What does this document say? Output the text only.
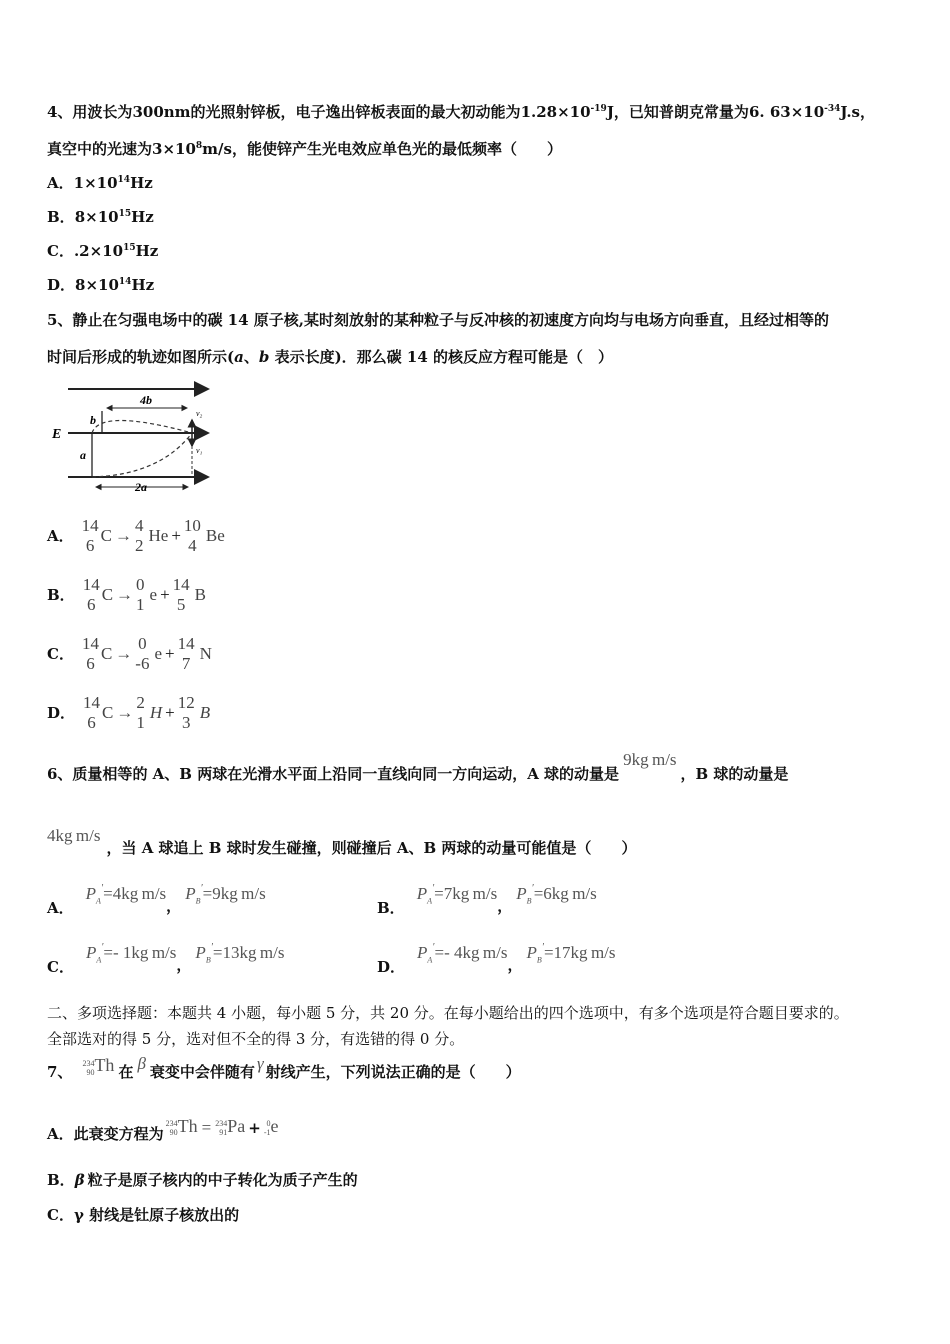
4、用波长为300nm的光照射锌板，电子逸出锌板表面的最大初动能为$1.28\times 10^{-19}J$，已知普朗克常量为6. $63\times 10^{-34}J.s$，
真空中的光速为$3\times 10^8m/s$，能使锌产生光电效应单色光的最低频率（　　）
A．$1\times 10^{14}Hz$
B．$8\times 10^{15}Hz$
C．$.2\times 10^{15}Hz$
D．$8\times 10^{14}Hz$
5、静止在匀强电场中的碳 14 原子核,某时刻放射的某种粒子与反冲核的初速度方向均与电场方向垂直，且经过相等的
时间后形成的轨迹如图所示(a、b 表示长度)．那么碳 14 的核反应方程可能是（　）
E
4b
b
a
2a
v₂
v₁
A．
14
6
C →
4
2
He +
10
4
Be
B．
14
6
C →
0
1
e +
14
5
B
C．
14
6
C →
0
-6
e +
14
7
N
D．
14
6
C →
2
1
H +
12
3
B
6、质量相等的 A、B 两球在光滑水平面上沿同一直线向同一方向运动，A 球的动量是9kg m/s，B 球的动量是
4kg m/s，当 A 球追上 B 球时发生碰撞，则碰撞后 A、B 两球的动量可能值是（　　）
A．$P_A'=4kg$ m/s，$P_B'=9kg$ m/s
B．$P_A'=7kg$ m/s，$P_B'=6kg$ m/s
C．$P_A'=-$ 1kg m/s，$P_B'=13kg$ m/s
D．$P_A'=-$ 4kg m/s，$P_B'=17kg$ m/s
二、多项选择题：本题共 4 小题，每小题 5 分，共 20 分。在每小题给出的四个选项中，有多个选项是符合题目要求的。
全部选对的得 5 分，选对但不全的得 3 分，有选错的得 0 分。
7、 234
90 Th 在 β 衰变中会伴随有 γ 射线产生，下列说法正确的是（　　）
A．此衰变方程为
234
90 Th = 234
91 Pa + 0
-1 e
B．β 粒子是原子核内的中子转化为质子产生的
C．γ 射线是钍原子核放出的
